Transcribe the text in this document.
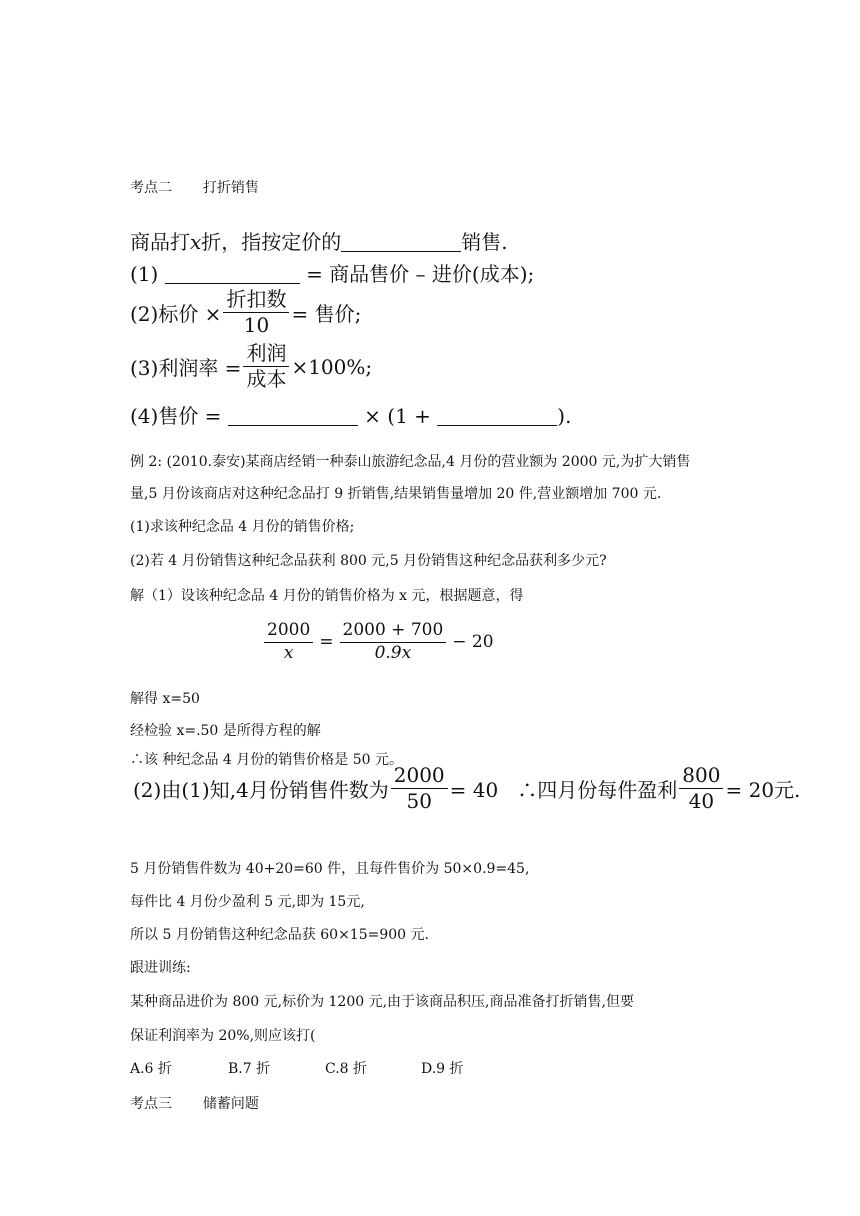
考点二 打折销售
商品打x折，指按定价的	销售.
(1)	= 商品售价 – 进价(成本);
(2)标价 × $\frac{\text{折扣数}}{10}$ = 售价;
(3)利润率 = $\frac{\text{利润}}{\text{成本}} \times 100\%$;
(4)售价 =	× (1 +	).
例 2: (2010.泰安)某商店经销一种泰山旅游纪念品,4 月份的营业额为 2000 元,为扩大销售
量,5 月份该商店对这种纪念品打 9 折销售,结果销售量增加 20 件,营业额增加 700 元.
(1)求该种纪念品 4 月份的销售价格;
(2)若 4 月份销售这种纪念品获利 800 元,5 月份销售这种纪念品获利多少元?
解（1）设该种纪念品 4 月份的销售价格为 x 元，根据题意，得
$\frac{2000}{x} = \frac{2000 + 700}{0.9x} - 20$
解得 x=50
经检验 x=.50 是所得方程的解
∴该 种纪念品 4 月份的销售价格是 50 元。
(2)由(1)知,4月份销售件数为 $\frac{2000}{50} = 40$   ∴四月份每件盈利 $\frac{800}{40} = 20$元.
5 月份销售件数为 40+20=60 件，且每件售价为 50×0.9=45,
每件比 4 月份少盈利 5 元,即为 15元,
所以 5 月份销售这种纪念品获 60×15=900 元.
跟进训练:
某种商品进价为 800 元,标价为 1200 元,由于该商品积压,商品准备打折销售,但要
保证利润率为 20%,则应该打(
A.6 折	B.7 折	C.8 折	D.9 折
考点三 储蓄问题
